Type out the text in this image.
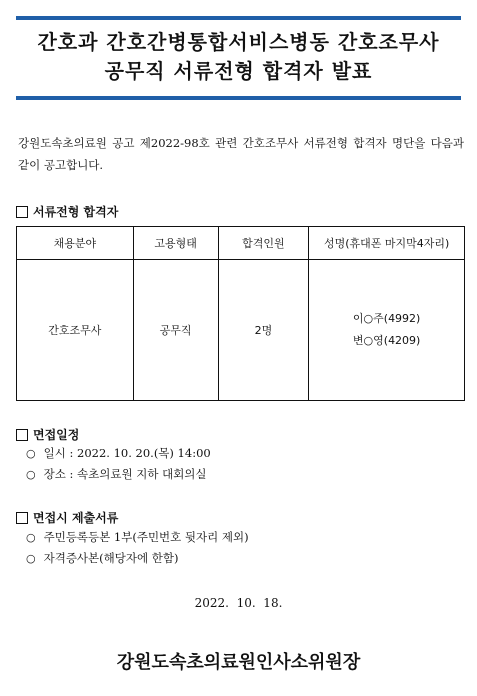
간호과 간호간병통합서비스병동 간호조무사
공무직 서류전형 합격자 발표
강원도속초의료원 공고 제2022-98호 관련 간호조무사 서류전형 합격자 명단을 다음과 같이 공고합니다.
서류전형 합격자
채용분야	고용형태	합격인원	성명(휴대폰 마지막4자리)
간호조무사	공무직	2명	이○주(4992)
변○영(4209)
면접일정
○ 일시 : 2022. 10. 20.(목) 14:00
○ 장소 : 속초의료원 지하 대회의실
면접시 제출서류
○ 주민등록등본 1부(주민번호 뒷자리 제외)
○ 자격증사본(해당자에 한함)
2022.  10.  18.
강원도속초의료원인사소위원장
